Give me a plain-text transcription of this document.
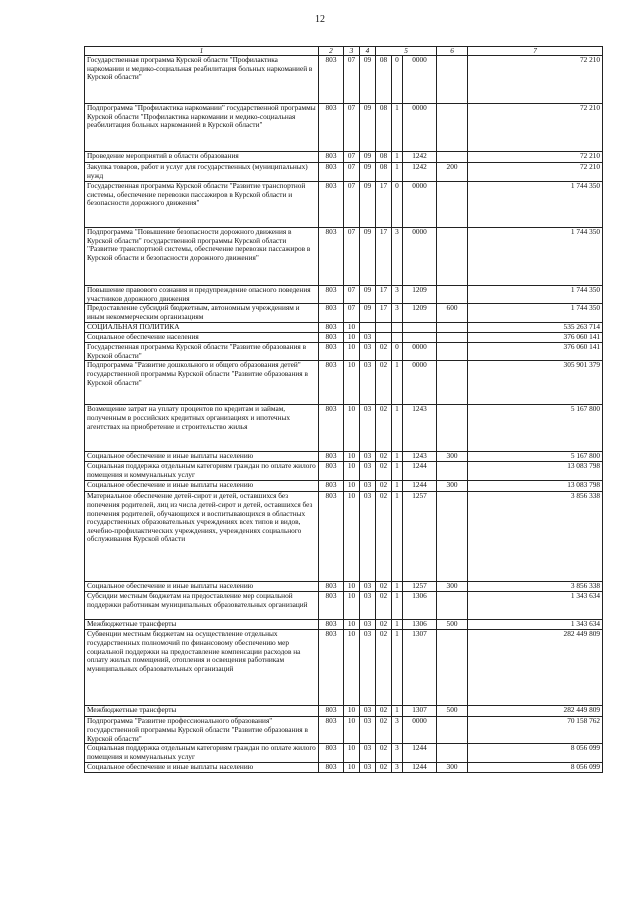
12
1	2	3	4	5			6	7
Государственная программа Курской области "Профилактика наркомании и медико-социальная реабилитация больных наркоманией в Курской области"	803	07	09	08	0	0000		72 210
Подпрограмма "Профилактика наркомании" государственной программы Курской области "Профилактика наркомании и медико-социальная реабилитация больных наркоманией в Курской области"	803	07	09	08	1	0000		72 210
Проведение мероприятий в области образования	803	07	09	08	1	1242		72 210
Закупка товаров, работ и услуг для государственных (муниципальных) нужд	803	07	09	08	1	1242	200	72 210
Государственная программа Курской области "Развитие транспортной системы, обеспечение перевозки пассажиров в Курской области и безопасности дорожного движения"	803	07	09	17	0	0000		1 744 350
Подпрограмма "Повышение безопасности дорожного движения в Курской области" государственной программы Курской области "Развитие транспортной системы, обеспечение перевозки пассажиров в Курской области и безопасности дорожного движения"	803	07	09	17	3	0000		1 744 350
Повышение правового сознания и предупреждение опасного поведения участников дорожного движения	803	07	09	17	3	1209		1 744 350
Предоставление субсидий бюджетным, автономным учреждениям и иным некоммерческим организациям	803	07	09	17	3	1209	600	1 744 350
СОЦИАЛЬНАЯ ПОЛИТИКА	803	10						535 263 714
Социальное обеспечение населения	803	10	03					376 060 141
Государственная программа Курской области "Развитие образования в Курской области"	803	10	03	02	0	0000		376 060 141
Подпрограмма "Развитие дошкольного и общего образования детей" государственной программы Курской области "Развитие образования в Курской области"	803	10	03	02	1	0000		305 901 379
Возмещение затрат на уплату процентов по кредитам и займам, полученным в российских кредитных организациях и ипотечных агентствах на приобретение и строительство жилья	803	10	03	02	1	1243		5 167 800
Социальное обеспечение и иные выплаты населению	803	10	03	02	1	1243	300	5 167 800
Социальная поддержка отдельным категориям граждан по оплате жилого помещения и коммунальных услуг	803	10	03	02	1	1244		13 083 798
Социальное обеспечение и иные выплаты населению	803	10	03	02	1	1244	300	13 083 798
Материальное обеспечение детей-сирот и детей, оставшихся без попечения родителей, лиц из числа детей-сирот и детей, оставшихся без попечения родителей, обучающихся и воспитывающихся в областных государственных образовательных учреждениях всех типов и видов, лечебно-профилактических учреждениях, учреждениях социального обслуживания Курской области	803	10	03	02	1	1257		3 856 338
Социальное обеспечение и иные выплаты населению	803	10	03	02	1	1257	300	3 856 338
Субсидии местным бюджетам на предоставление мер социальной поддержки работникам муниципальных образовательных организаций	803	10	03	02	1	1306		1 343 634
Межбюджетные трансферты	803	10	03	02	1	1306	500	1 343 634
Субвенции местным бюджетам на осуществление отдельных государственных полномочий по финансовому обеспечению мер социальной поддержки на предоставление компенсации расходов на оплату жилых помещений, отопления и освещения работникам муниципальных образовательных организаций	803	10	03	02	1	1307		282 449 809
Межбюджетные трансферты	803	10	03	02	1	1307	500	282 449 809
Подпрограмма "Развитие профессионального образования" государственной программы Курской области "Развитие образования в Курской области"	803	10	03	02	3	0000		70 158 762
Социальная поддержка отдельным категориям граждан по оплате жилого помещения и коммунальных услуг	803	10	03	02	3	1244		8 056 099
Социальное обеспечение и иные выплаты населению	803	10	03	02	3	1244	300	8 056 099
